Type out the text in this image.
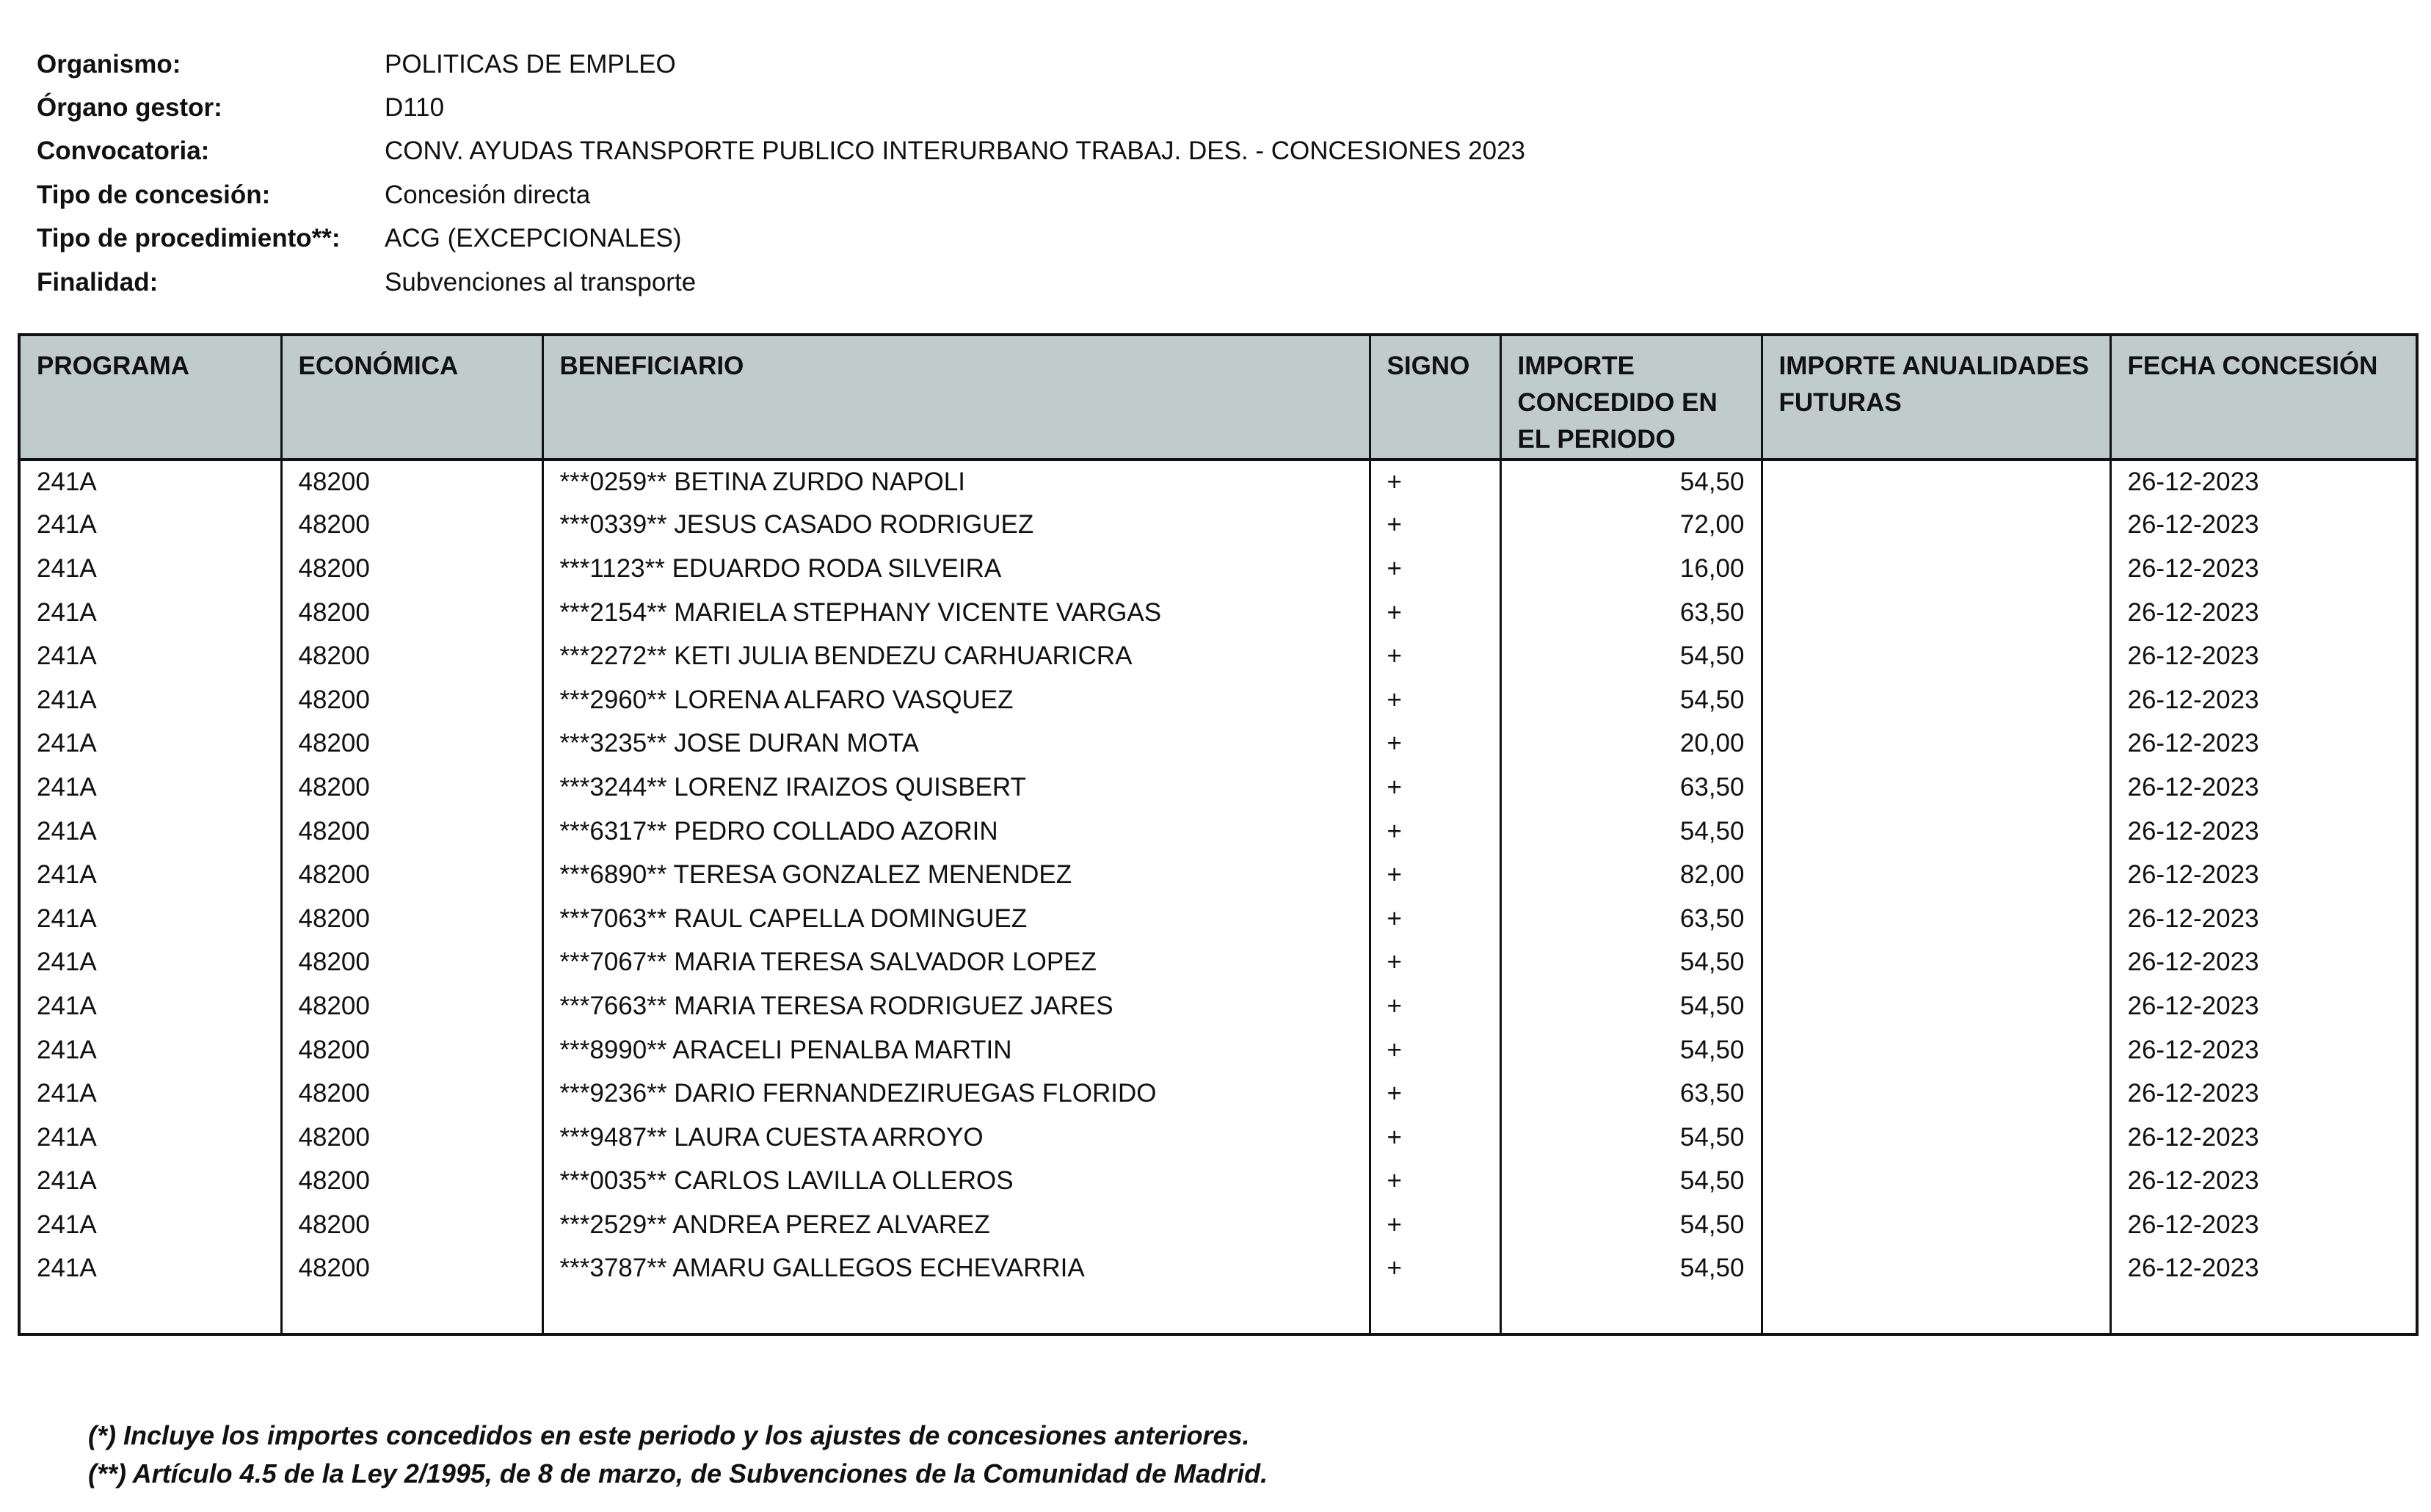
Organismo:	POLITICAS DE EMPLEO
Órgano gestor:	D110
Convocatoria:	CONV. AYUDAS TRANSPORTE PUBLICO INTERURBANO TRABAJ. DES. - CONCESIONES 2023
Tipo de concesión:	Concesión directa
Tipo de procedimiento**:	ACG (EXCEPCIONALES)
Finalidad:	Subvenciones al transporte
PROGRAMA	ECONÓMICA	BENEFICIARIO	SIGNO	IMPORTE CONCEDIDO EN EL PERIODO	IMPORTE ANUALIDADES FUTURAS	FECHA CONCESIÓN
241A	48200	***0259** BETINA ZURDO NAPOLI	+	54,50		26-12-2023
241A	48200	***0339** JESUS CASADO RODRIGUEZ	+	72,00		26-12-2023
241A	48200	***1123** EDUARDO RODA SILVEIRA	+	16,00		26-12-2023
241A	48200	***2154** MARIELA STEPHANY VICENTE VARGAS	+	63,50		26-12-2023
241A	48200	***2272** KETI JULIA BENDEZU CARHUARICRA	+	54,50		26-12-2023
241A	48200	***2960** LORENA ALFARO VASQUEZ	+	54,50		26-12-2023
241A	48200	***3235** JOSE DURAN MOTA	+	20,00		26-12-2023
241A	48200	***3244** LORENZ IRAIZOS QUISBERT	+	63,50		26-12-2023
241A	48200	***6317** PEDRO COLLADO AZORIN	+	54,50		26-12-2023
241A	48200	***6890** TERESA GONZALEZ MENENDEZ	+	82,00		26-12-2023
241A	48200	***7063** RAUL CAPELLA DOMINGUEZ	+	63,50		26-12-2023
241A	48200	***7067** MARIA TERESA SALVADOR LOPEZ	+	54,50		26-12-2023
241A	48200	***7663** MARIA TERESA RODRIGUEZ JARES	+	54,50		26-12-2023
241A	48200	***8990** ARACELI PENALBA MARTIN	+	54,50		26-12-2023
241A	48200	***9236** DARIO FERNANDEZIRUEGAS FLORIDO	+	63,50		26-12-2023
241A	48200	***9487** LAURA CUESTA ARROYO	+	54,50		26-12-2023
241A	48200	***0035** CARLOS LAVILLA OLLEROS	+	54,50		26-12-2023
241A	48200	***2529** ANDREA PEREZ ALVAREZ	+	54,50		26-12-2023
241A	48200	***3787** AMARU GALLEGOS ECHEVARRIA	+	54,50		26-12-2023

(*) Incluye los importes concedidos en este periodo y los ajustes de concesiones anteriores.
(**) Artículo 4.5 de la Ley 2/1995, de 8 de marzo, de Subvenciones de la Comunidad de Madrid.
